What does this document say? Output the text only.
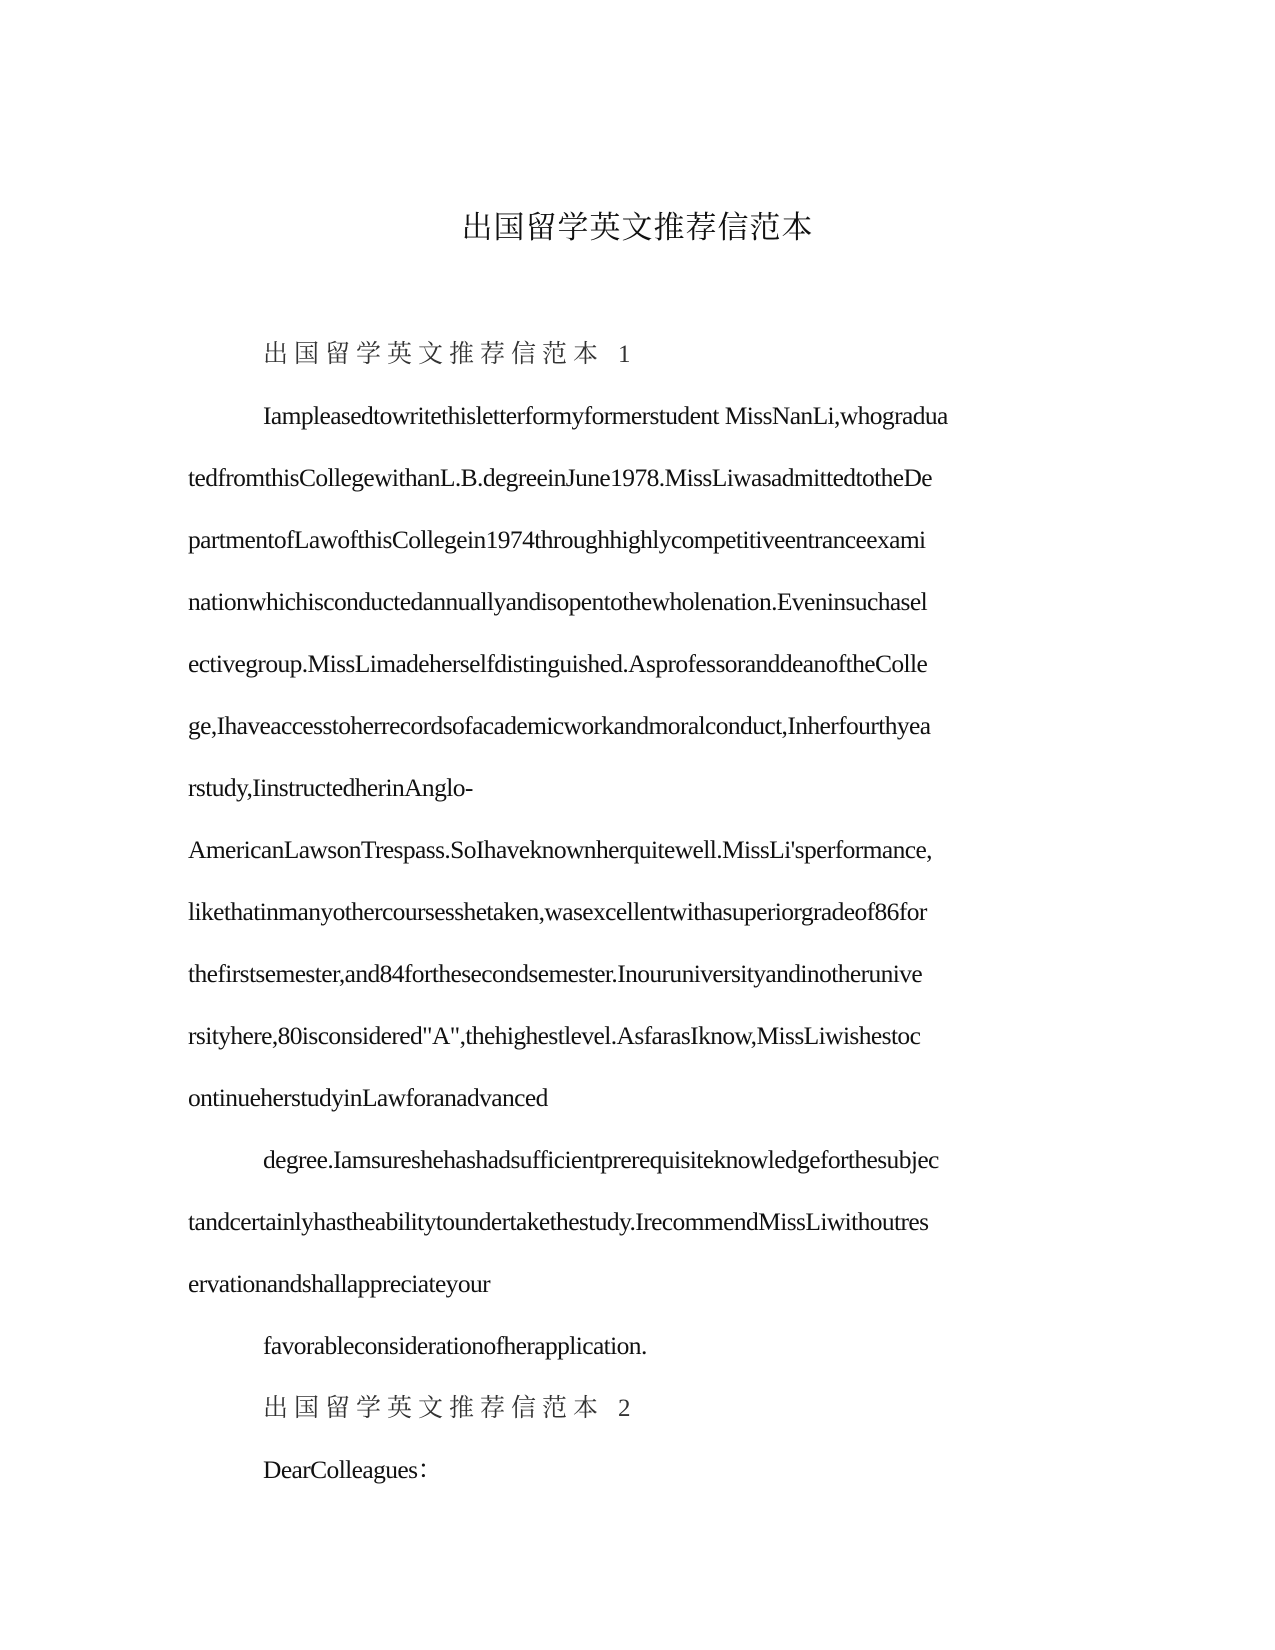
出国留学英文推荐信范本
出国留学英文推荐信范本 1
Iampleasedtowritethisletterformyformerstudent MissNanLi,whogradua
tedfromthisCollegewithanL.B.degreeinJune1978.MissLiwasadmittedtotheDe
partmentofLawofthisCollegein1974throughhighlycompetitiveentranceexami
nationwhichisconductedannuallyandisopentothewholenation.Eveninsuchasel
ectivegroup.MissLimadeherselfdistinguished.AsprofessoranddeanoftheColle
ge,Ihaveaccesstoherrecordsofacademicworkandmoralconduct,Inherfourthyea
rstudy,IinstructedherinAnglo-
AmericanLawsonTrespass.SoIhaveknownherquitewell.MissLi'sperformance,
likethatinmanyothercoursesshetaken,wasexcellentwithasuperiorgradeof86for
thefirstsemester,and84forthesecondsemester.Inouruniversityandinotherunive
rsityhere,80isconsidered"A",thehighestlevel.AsfarasIknow,MissLiwishestoc
ontinueherstudyinLawforanadvanced
degree.Iamsureshehashadsufficientprerequisiteknowledgeforthesubjec
tandcertainlyhastheabilitytoundertakethestudy.IrecommendMissLiwithoutres
ervationandshallappreciateyour
favorableconsiderationofherapplication.
出国留学英文推荐信范本 2
DearColleagues：
